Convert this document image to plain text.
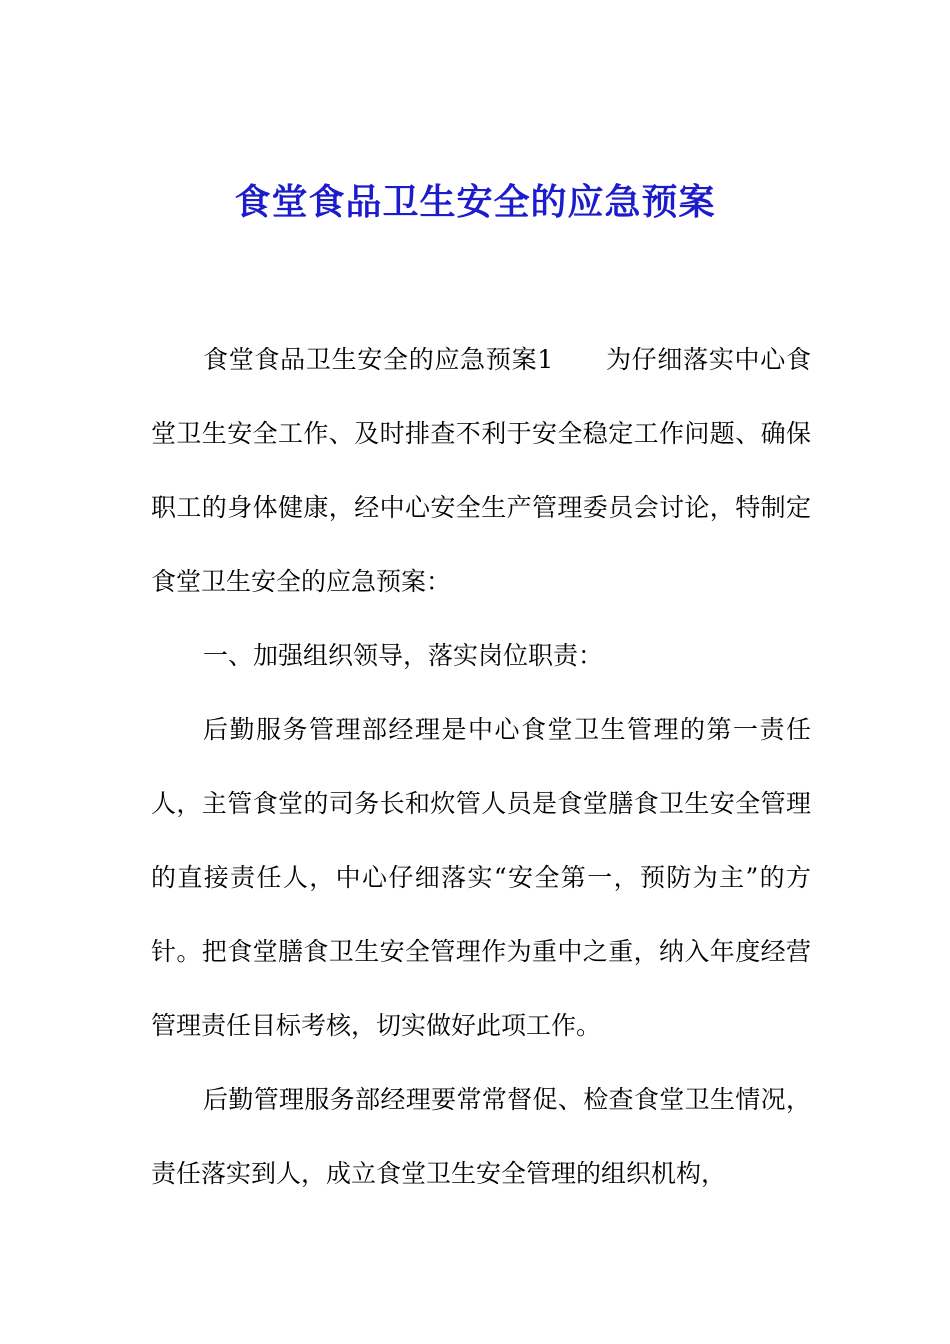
食堂食品卫生安全的应急预案

食堂食品卫生安全的应急预案1 为仔细落实中心食堂卫生安全工作、及时排查不利于安全稳定工作问题、确保职工的身体健康，经中心安全生产管理委员会讨论，特制定食堂卫生安全的应急预案：

一、加强组织领导，落实岗位职责：

后勤服务管理部经理是中心食堂卫生管理的第一责任人，主管食堂的司务长和炊管人员是食堂膳食卫生安全管理的直接责任人，中心仔细落实“安全第一，预防为主”的方针。把食堂膳食卫生安全管理作为重中之重，纳入年度经营管理责任目标考核，切实做好此项工作。

后勤管理服务部经理要常常督促、检查食堂卫生情况，责任落实到人，成立食堂卫生安全管理的组织机构，
